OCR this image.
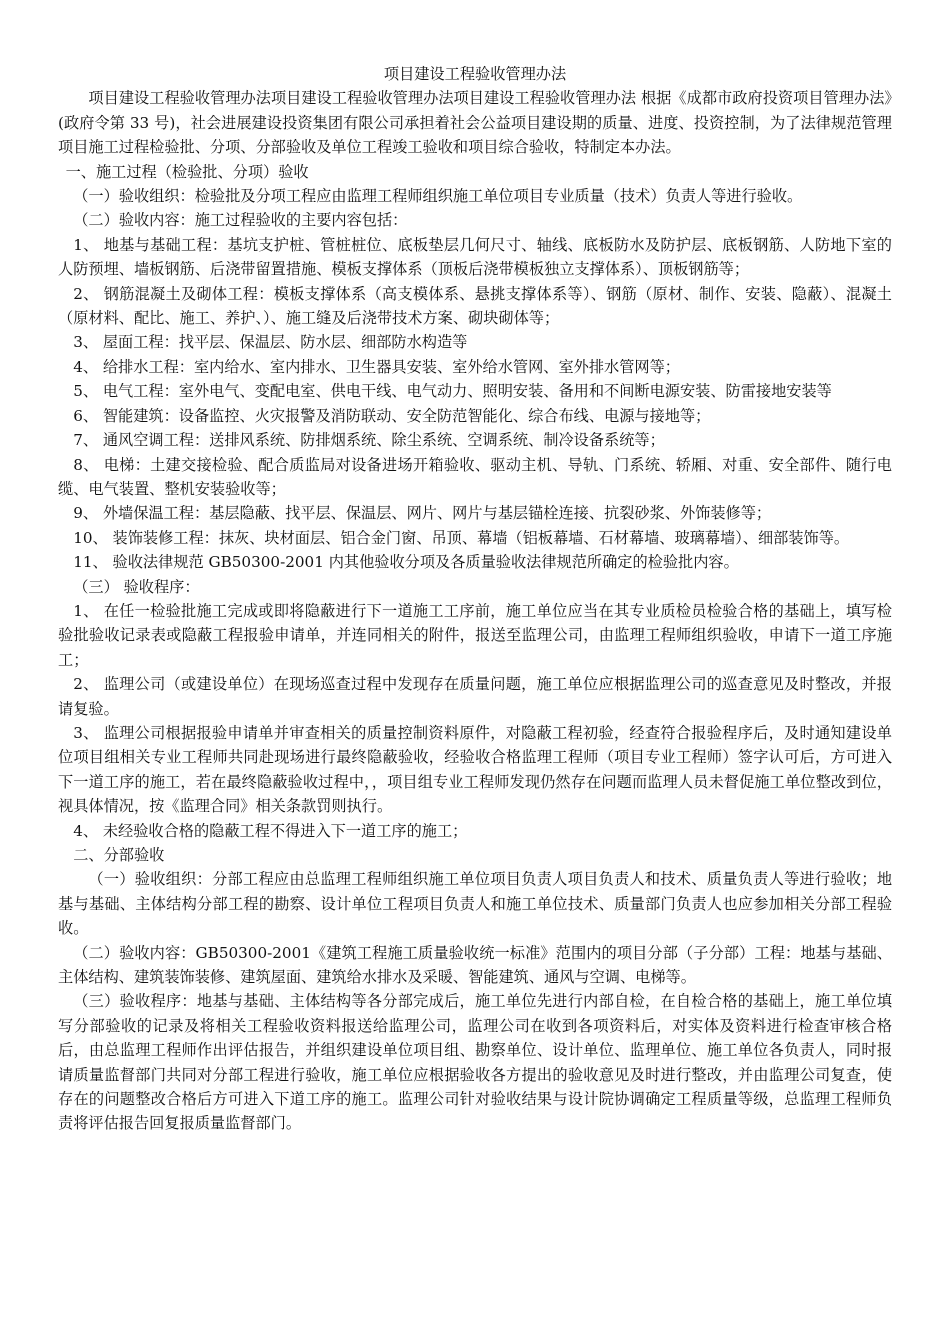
项目建设工程验收管理办法

项目建设工程验收管理办法项目建设工程验收管理办法项目建设工程验收管理办法 根据《成都市政府投资项目管理办法》(政府令第 33 号)，社会进展建设投资集团有限公司承担着社会公益项目建设期的质量、进度、投资控制，为了法律规范管理项目施工过程检验批、分项、分部验收及单位工程竣工验收和项目综合验收，特制定本办法。

一、施工过程（检验批、分项）验收

（一）验收组织：检验批及分项工程应由监理工程师组织施工单位项目专业质量（技术）负责人等进行验收。

（二）验收内容：施工过程验收的主要内容包括：

1、 地基与基础工程：基坑支护桩、管桩桩位、底板垫层几何尺寸、轴线、底板防水及防护层、底板钢筋、人防地下室的人防预埋、墙板钢筋、后浇带留置措施、模板支撑体系（顶板后浇带模板独立支撑体系）、顶板钢筋等；

2、 钢筋混凝土及砌体工程：模板支撑体系（高支模体系、悬挑支撑体系等）、钢筋（原材、制作、安装、隐蔽）、混凝土（原材料、配比、施工、养护、）、施工缝及后浇带技术方案、砌块砌体等；

3、 屋面工程：找平层、保温层、防水层、细部防水构造等

4、 给排水工程：室内给水、室内排水、卫生器具安装、室外给水管网、室外排水管网等；

5、 电气工程：室外电气、变配电室、供电干线、电气动力、照明安装、备用和不间断电源安装、防雷接地安装等

6、 智能建筑：设备监控、火灾报警及消防联动、安全防范智能化、综合布线、电源与接地等；

7、 通风空调工程：送排风系统、防排烟系统、除尘系统、空调系统、制冷设备系统等；

8、 电梯：土建交接检验、配合质监局对设备进场开箱验收、驱动主机、导轨、门系统、轿厢、对重、安全部件、随行电缆、电气装置、整机安装验收等；

9、 外墙保温工程：基层隐蔽、找平层、保温层、网片、网片与基层锚栓连接、抗裂砂浆、外饰装修等；

10、 装饰装修工程：抹灰、块材面层、铝合金门窗、吊顶、幕墙（铝板幕墙、石材幕墙、玻璃幕墙）、细部装饰等。

11、 验收法律规范 GB50300-2001 内其他验收分项及各质量验收法律规范所确定的检验批内容。

（三） 验收程序：

1、 在任一检验批施工完成或即将隐蔽进行下一道施工工序前，施工单位应当在其专业质检员检验合格的基础上，填写检验批验收记录表或隐蔽工程报验申请单，并连同相关的附件，报送至监理公司，由监理工程师组织验收，申请下一道工序施工；

2、 监理公司（或建设单位）在现场巡查过程中发现存在质量问题，施工单位应根据监理公司的巡查意见及时整改，并报请复验。

3、 监理公司根据报验申请单并审查相关的质量控制资料原件，对隐蔽工程初验，经查符合报验程序后，及时通知建设单位项目组相关专业工程师共同赴现场进行最终隐蔽验收，经验收合格监理工程师（项目专业工程师）签字认可后，方可进入下一道工序的施工，若在最终隐蔽验收过程中，，项目组专业工程师发现仍然存在问题而监理人员未督促施工单位整改到位，视具体情况，按《监理合同》相关条款罚则执行。

4、 未经验收合格的隐蔽工程不得进入下一道工序的施工；

二、分部验收

（一）验收组织：分部工程应由总监理工程师组织施工单位项目负责人项目负责人和技术、质量负责人等进行验收；地基与基础、主体结构分部工程的勘察、设计单位工程项目负责人和施工单位技术、质量部门负责人也应参加相关分部工程验收。

（二）验收内容：GB50300-2001《建筑工程施工质量验收统一标准》范围内的项目分部（子分部）工程：地基与基础、主体结构、建筑装饰装修、建筑屋面、建筑给水排水及采暖、智能建筑、通风与空调、电梯等。

（三）验收程序：地基与基础、主体结构等各分部完成后，施工单位先进行内部自检，在自检合格的基础上，施工单位填写分部验收的记录及将相关工程验收资料报送给监理公司，监理公司在收到各项资料后，对实体及资料进行检查审核合格后，由总监理工程师作出评估报告，并组织建设单位项目组、勘察单位、设计单位、监理单位、施工单位各负责人，同时报请质量监督部门共同对分部工程进行验收，施工单位应根据验收各方提出的验收意见及时进行整改，并由监理公司复查，使存在的问题整改合格后方可进入下道工序的施工。监理公司针对验收结果与设计院协调确定工程质量等级，总监理工程师负责将评估报告回复报质量监督部门。
